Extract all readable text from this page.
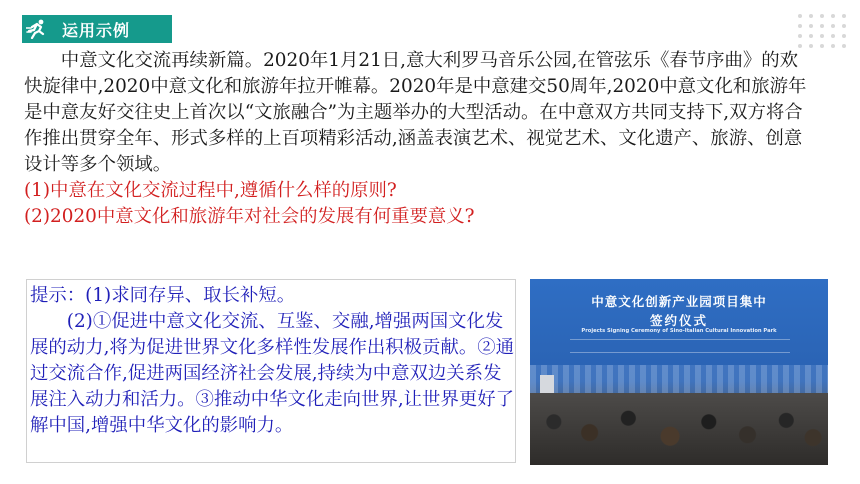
运用示例

中意文化交流再续新篇。2020年1月21日,意大利罗马音乐公园,在管弦乐《春节序曲》的欢快旋律中,2020中意文化和旅游年拉开帷幕。2020年是中意建交50周年,2020中意文化和旅游年是中意友好交往史上首次以“文旅融合”为主题举办的大型活动。在中意双方共同支持下,双方将合作推出贯穿全年、形式多样的上百项精彩活动,涵盖表演艺术、视觉艺术、文化遗产、旅游、创意设计等多个领域。

(1)中意在文化交流过程中,遵循什么样的原则?

(2)2020中意文化和旅游年对社会的发展有何重要意义?

提示：(1)求同存异、取长补短。

(2)①促进中意文化交流、互鉴、交融,增强两国文化发展的动力,将为促进世界文化多样性发展作出积极贡献。②通过交流合作,促进两国经济社会发展,持续为中意双边关系发展注入动力和活力。③推动中华文化走向世界,让世界更好了解中国,增强中华文化的影响力。

中意文化创新产业园项目集中
签约仪式
Projects Signing Ceremony of Sino-Italian Cultural Innovation Park
